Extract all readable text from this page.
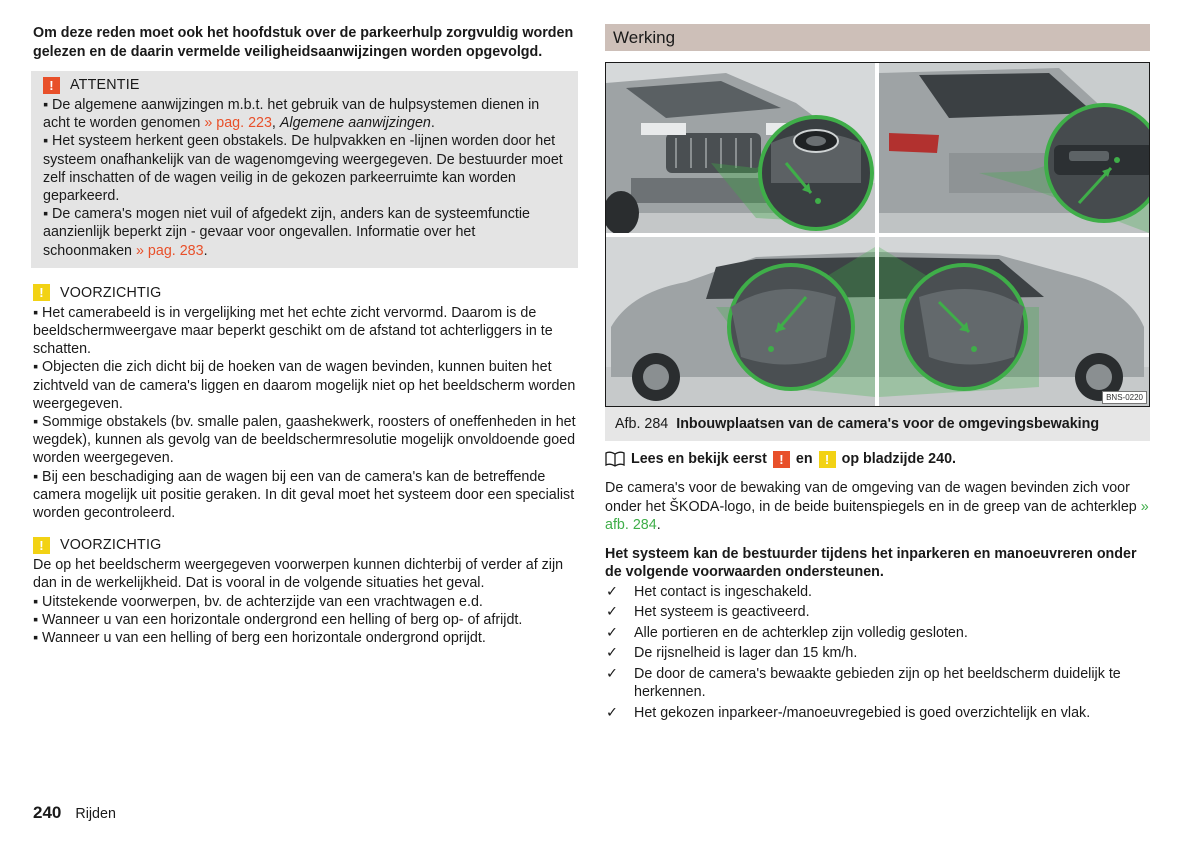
Om deze reden moet ook het hoofdstuk over de parkeerhulp zorgvuldig worden gelezen en de daarin vermelde veiligheidsaanwijzingen worden opgevolgd.

!	ATTENTIE
▪ De algemene aanwijzingen m.b.t. het gebruik van de hulpsystemen dienen in acht te worden genomen » pag. 223, Algemene aanwijzingen.
▪ Het systeem herkent geen obstakels. De hulpvakken en -lijnen worden door het systeem onafhankelijk van de wagenomgeving weergegeven. De bestuurder moet zelf inschatten of de wagen veilig in de gekozen parkeerruimte kan worden geparkeerd.
▪ De camera's mogen niet vuil of afgedekt zijn, anders kan de systeemfunctie aanzienlijk beperkt zijn - gevaar voor ongevallen. Informatie over het schoonmaken » pag. 283.
!	VOORZICHTIG
▪ Het camerabeeld is in vergelijking met het echte zicht vervormd. Daarom is de beeldschermweergave maar beperkt geschikt om de afstand tot achterliggers in te schatten.
▪ Objecten die zich dicht bij de hoeken van de wagen bevinden, kunnen buiten het zichtveld van de camera's liggen en daarom mogelijk niet op het beeldscherm worden weergegeven.
▪ Sommige obstakels (bv. smalle palen, gaashekwerk, roosters of oneffenheden in het wegdek), kunnen als gevolg van de beeldschermresolutie mogelijk onvoldoende goed worden weergegeven.
▪ Bij een beschadiging aan de wagen bij een van de camera's kan de betreffende camera mogelijk uit positie geraken. In dit geval moet het systeem door een specialist worden gecontroleerd.
!	VOORZICHTIG
De op het beeldscherm weergegeven voorwerpen kunnen dichterbij of verder af zijn dan in de werkelijkheid. Dat is vooral in de volgende situaties het geval.
▪ Uitstekende voorwerpen, bv. de achterzijde van een vrachtwagen e.d.
▪ Wanneer u van een horizontale ondergrond een helling of berg op- of afrijdt.
▪ Wanneer u van een helling of berg een horizontale ondergrond oprijdt.
Werking
BNS-0220
Afb. 284 Inbouwplaatsen van de camera's voor de omgevingsbewaking
Lees en bekijk eerst ! en ! op bladzijde 240.

De camera's voor de bewaking van de omgeving van de wagen bevinden zich voor onder het ŠKODA-logo, in de beide buitenspiegels en in de greep van de achterklep » afb. 284.

Het systeem kan de bestuurder tijdens het inparkeren en manoeuvreren onder de volgende voorwaarden ondersteunen.

✓ Het contact is ingeschakeld.
✓ Het systeem is geactiveerd.
✓ Alle portieren en de achterklep zijn volledig gesloten.
✓ De rijsnelheid is lager dan 15 km/h.
✓ De door de camera's bewaakte gebieden zijn op het beeldscherm duidelijk te herkennen.
✓ Het gekozen inparkeer-/manoeuvregebied is goed overzichtelijk en vlak.
240 Rijden
